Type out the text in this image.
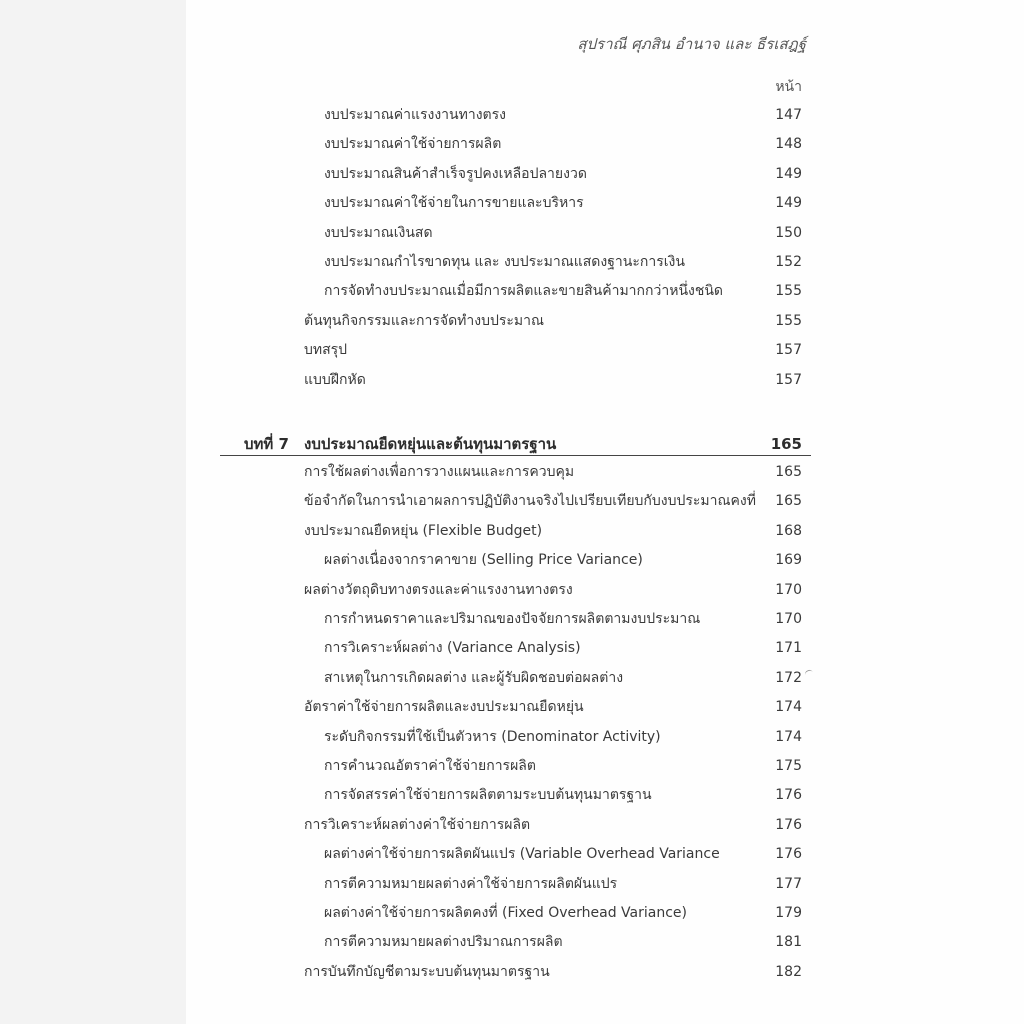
สุปราณี ศุภสิน อำนาจ และ ธีรเสฎฐ์
หน้า
งบประมาณค่าแรงงานทางตรง	147
งบประมาณค่าใช้จ่ายการผลิต	148
งบประมาณสินค้าสำเร็จรูปคงเหลือปลายงวด	149
งบประมาณค่าใช้จ่ายในการขายและบริหาร	149
งบประมาณเงินสด	150
งบประมาณกำไรขาดทุน และ งบประมาณแสดงฐานะการเงิน	152
การจัดทำงบประมาณเมื่อมีการผลิตและขายสินค้ามากกว่าหนึ่งชนิด	155
ต้นทุนกิจกรรมและการจัดทำงบประมาณ	155
บทสรุป	157
แบบฝึกหัด	157
บทที่ 7 งบประมาณยืดหยุ่นและต้นทุนมาตรฐาน	165
การใช้ผลต่างเพื่อการวางแผนและการควบคุม	165
ข้อจำกัดในการนำเอาผลการปฏิบัติงานจริงไปเปรียบเทียบกับงบประมาณคงที่	165
งบประมาณยืดหยุ่น (Flexible Budget)	168
ผลต่างเนื่องจากราคาขาย (Selling Price Variance)	169
ผลต่างวัตถุดิบทางตรงและค่าแรงงานทางตรง	170
การกำหนดราคาและปริมาณของปัจจัยการผลิตตามงบประมาณ	170
การวิเคราะห์ผลต่าง (Variance Analysis)	171
สาเหตุในการเกิดผลต่าง และผู้รับผิดชอบต่อผลต่าง	172
อัตราค่าใช้จ่ายการผลิตและงบประมาณยืดหยุ่น	174
ระดับกิจกรรมที่ใช้เป็นตัวหาร (Denominator Activity)	174
การคำนวณอัตราค่าใช้จ่ายการผลิต	175
การจัดสรรค่าใช้จ่ายการผลิตตามระบบต้นทุนมาตรฐาน	176
การวิเคราะห์ผลต่างค่าใช้จ่ายการผลิต	176
ผลต่างค่าใช้จ่ายการผลิตผันแปร (Variable Overhead Variance	176
การตีความหมายผลต่างค่าใช้จ่ายการผลิตผันแปร	177
ผลต่างค่าใช้จ่ายการผลิตคงที่ (Fixed Overhead Variance)	179
การตีความหมายผลต่างปริมาณการผลิต	181
การบันทึกบัญชีตามระบบต้นทุนมาตรฐาน	182
